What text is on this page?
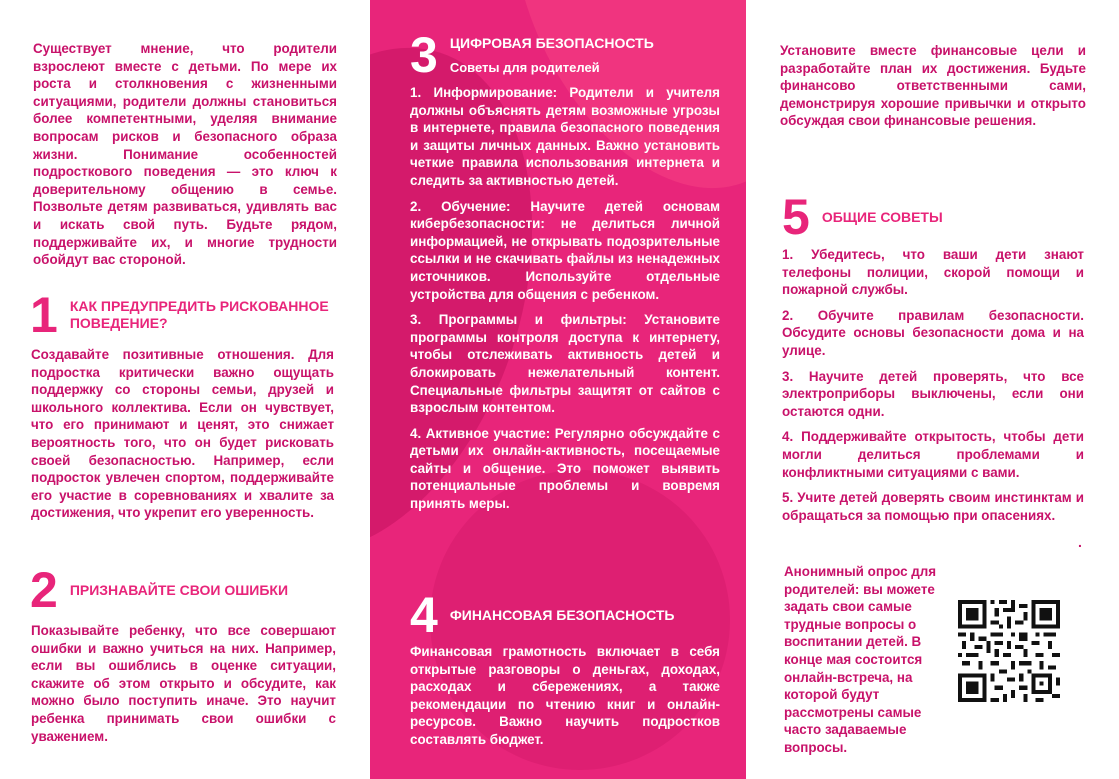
Существует мнение, что родители взрослеют вместе с детьми. По мере их роста и столкновения с жизненными ситуациями, родители должны становиться более компетентными, уделяя внимание вопросам рисков и безопасного образа жизни. Понимание особенностей подросткового поведения — это ключ к доверительному общению в семье. Позвольте детям развиваться, удивлять вас и искать свой путь. Будьте рядом, поддерживайте их, и многие трудности обойдут вас стороной.

1 КАК ПРЕДУПРЕДИТЬ РИСКОВАННОЕ ПОВЕДЕНИЕ?

Создавайте позитивные отношения. Для подростка критически важно ощущать поддержку со стороны семьи, друзей и школьного коллектива. Если он чувствует, что его принимают и ценят, это снижает вероятность того, что он будет рисковать своей безопасностью. Например, если подросток увлечен спортом, поддерживайте его участие в соревнованиях и хвалите за достижения, что укрепит его уверенность.

2 ПРИЗНАВАЙТЕ СВОИ ОШИБКИ

Показывайте ребенку, что все совершают ошибки и важно учиться на них. Например, если вы ошиблись в оценке ситуации, скажите об этом открыто и обсудите, как можно было поступить иначе. Это научит ребенка принимать свои ошибки с уважением.

3 ЦИФРОВАЯ БЕЗОПАСНОСТЬ
Советы для родителей

1. Информирование: Родители и учителя должны объяснять детям возможные угрозы в интернете, правила безопасного поведения и защиты личных данных. Важно установить четкие правила использования интернета и следить за активностью детей.

2. Обучение: Научите детей основам кибербезопасности: не делиться личной информацией, не открывать подозрительные ссылки и не скачивать файлы из ненадежных источников. Используйте отдельные устройства для общения с ребенком.

3. Программы и фильтры: Установите программы контроля доступа к интернету, чтобы отслеживать активность детей и блокировать нежелательный контент. Специальные фильтры защитят от сайтов с взрослым контентом.

4. Активное участие: Регулярно обсуждайте с детьми их онлайн-активность, посещаемые сайты и общение. Это поможет выявить потенциальные проблемы и вовремя принять меры.

4 ФИНАНСОВАЯ БЕЗОПАСНОСТЬ

Финансовая грамотность включает в себя открытые разговоры о деньгах, доходах, расходах и сбережениях, а также рекомендации по чтению книг и онлайн-ресурсов. Важно научить подростков составлять бюджет.

Установите вместе финансовые цели и разработайте план их достижения. Будьте финансово ответственными сами, демонстрируя хорошие привычки и открыто обсуждая свои финансовые решения.

5 ОБЩИЕ СОВЕТЫ

1. Убедитесь, что ваши дети знают телефоны полиции, скорой помощи и пожарной службы.

2. Обучите правилам безопасности. Обсудите основы безопасности дома и на улице.

3. Научите детей проверять, что все электроприборы выключены, если они остаются одни.

4. Поддерживайте открытость, чтобы дети могли делиться проблемами и конфликтными ситуациями с вами.

5. Учите детей доверять своим инстинктам и обращаться за помощью при опасениях.

.

Анонимный опрос для родителей: вы можете задать свои самые трудные вопросы о воспитании детей. В конце мая состоится онлайн-встреча, на которой будут рассмотрены самые часто задаваемые вопросы.
